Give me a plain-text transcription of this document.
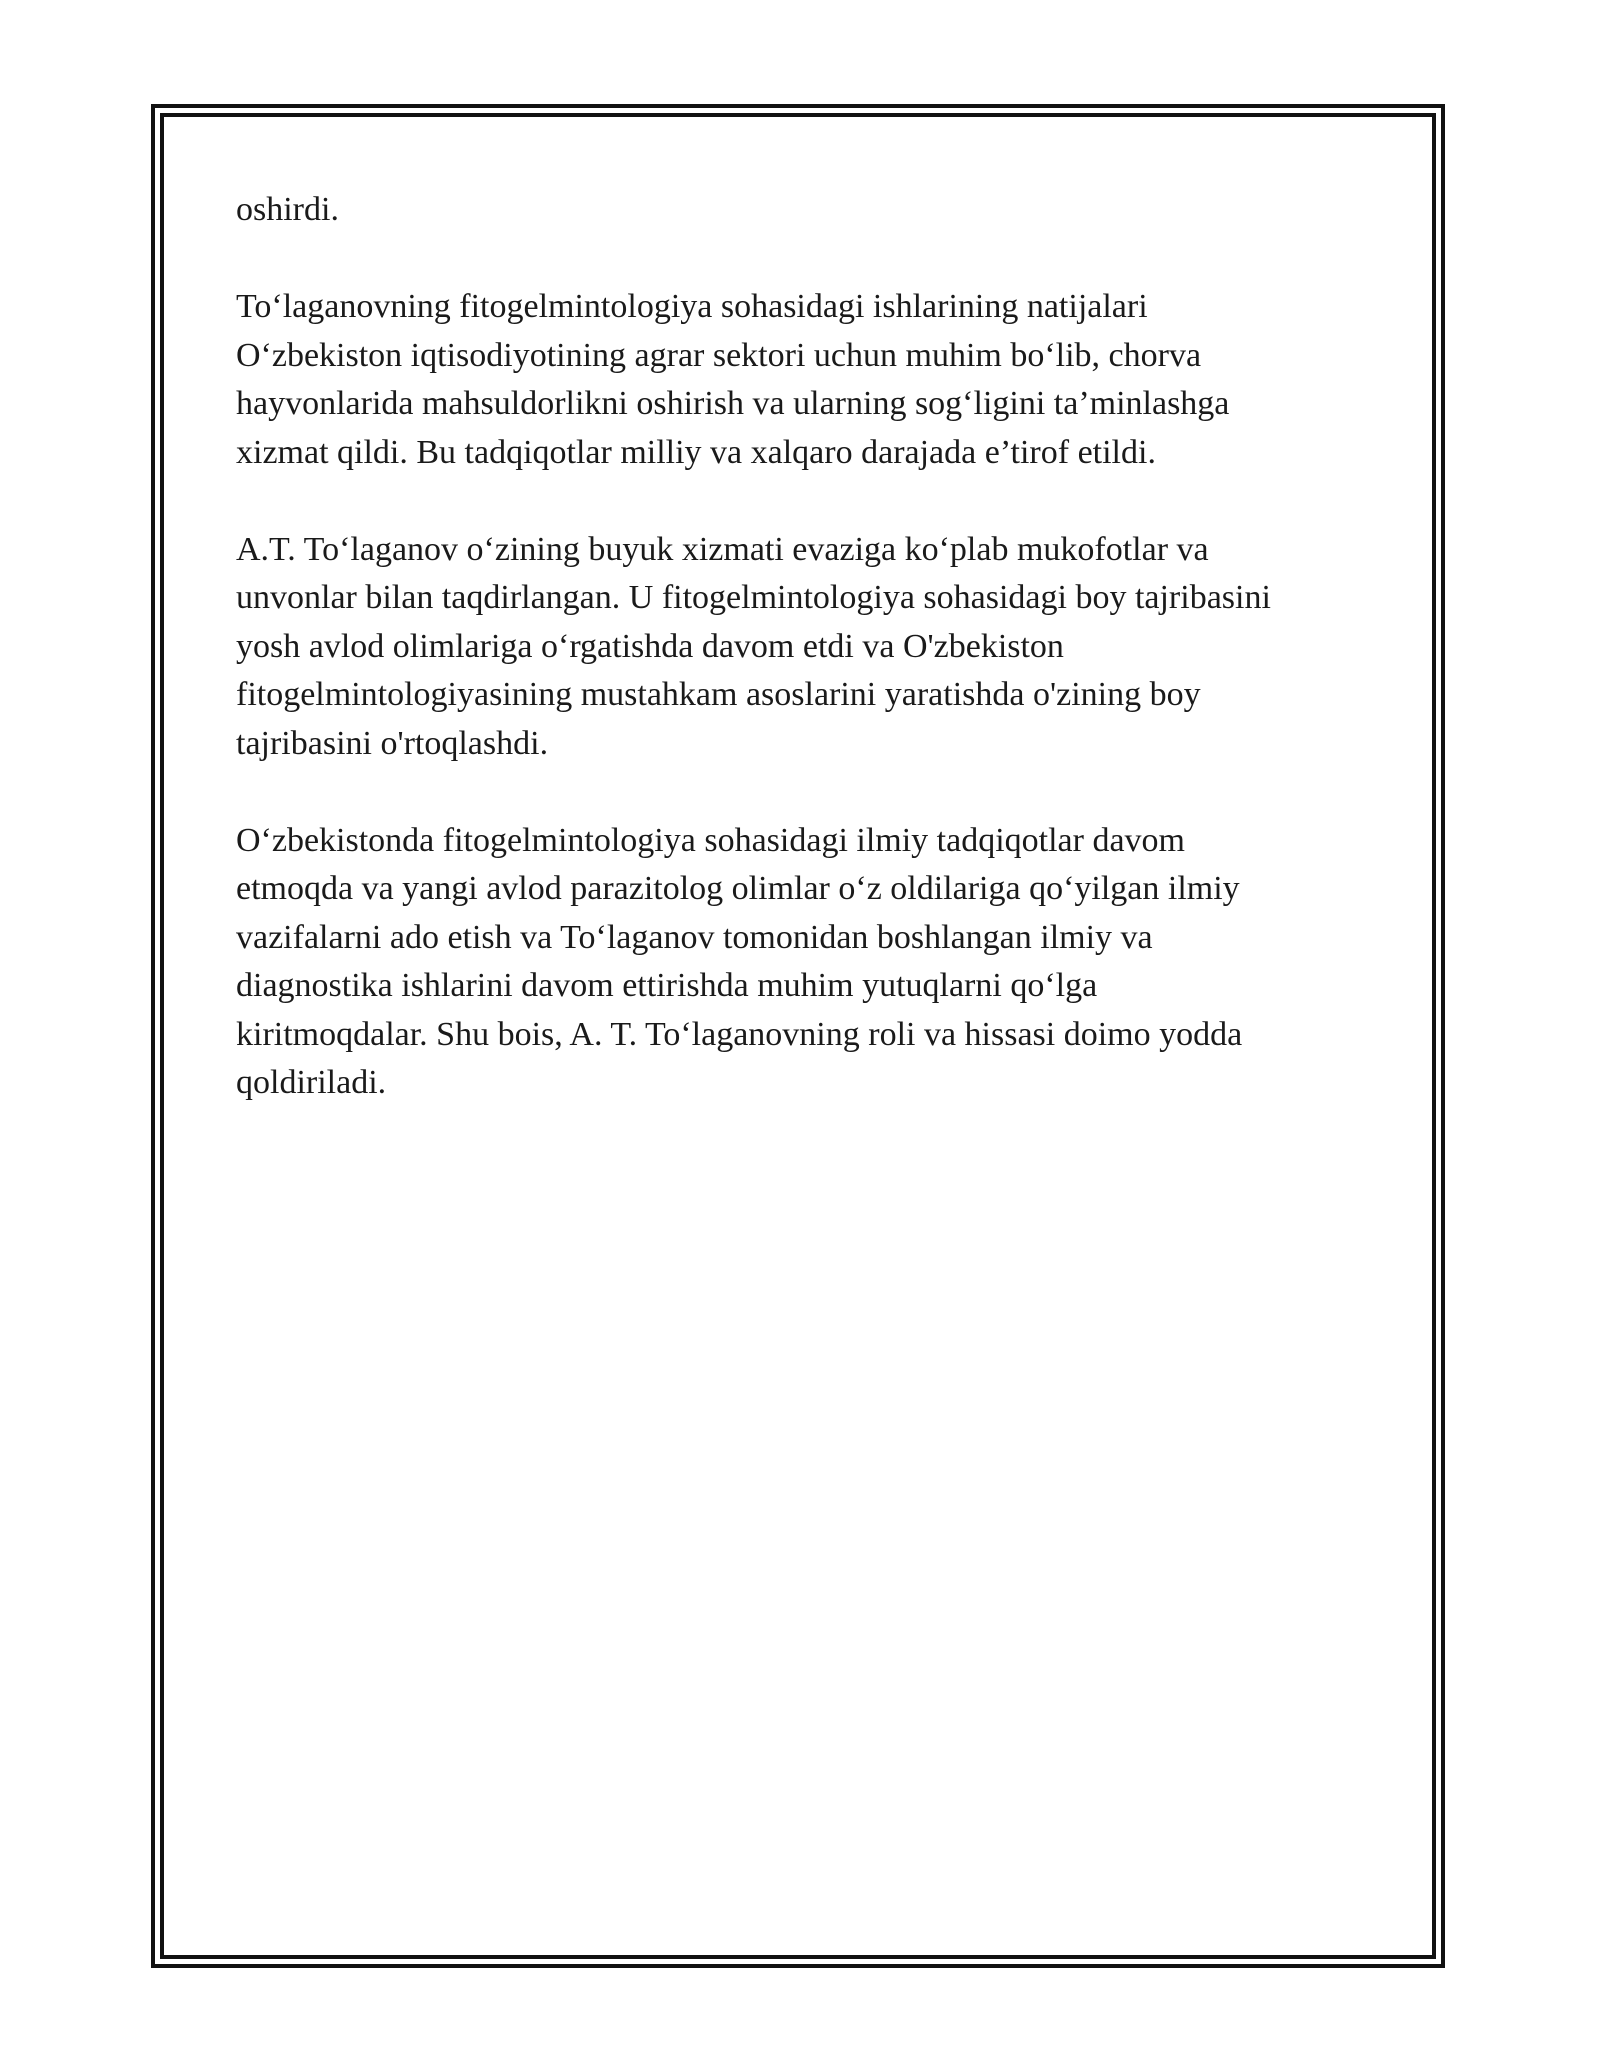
oshirdi.

To‘laganovning fitogelmintologiya sohasidagi ishlarining natijalari
O‘zbekiston iqtisodiyotining agrar sektori uchun muhim bo‘lib, chorva
hayvonlarida mahsuldorlikni oshirish va ularning sog‘ligini ta’minlashga
xizmat qildi. Bu tadqiqotlar milliy va xalqaro darajada e’tirof etildi.

A.T. To‘laganov o‘zining buyuk xizmati evaziga ko‘plab mukofotlar va
unvonlar bilan taqdirlangan. U fitogelmintologiya sohasidagi boy tajribasini
yosh avlod olimlariga o‘rgatishda davom etdi va O'zbekiston
fitogelmintologiyasining mustahkam asoslarini yaratishda o'zining boy
tajribasini o'rtoqlashdi.

O‘zbekistonda fitogelmintologiya sohasidagi ilmiy tadqiqotlar davom
etmoqda va yangi avlod parazitolog olimlar o‘z oldilariga qo‘yilgan ilmiy
vazifalarni ado etish va To‘laganov tomonidan boshlangan ilmiy va
diagnostika ishlarini davom ettirishda muhim yutuqlarni qo‘lga
kiritmoqdalar. Shu bois, A. T. To‘laganovning roli va hissasi doimo yodda
qoldiriladi.
